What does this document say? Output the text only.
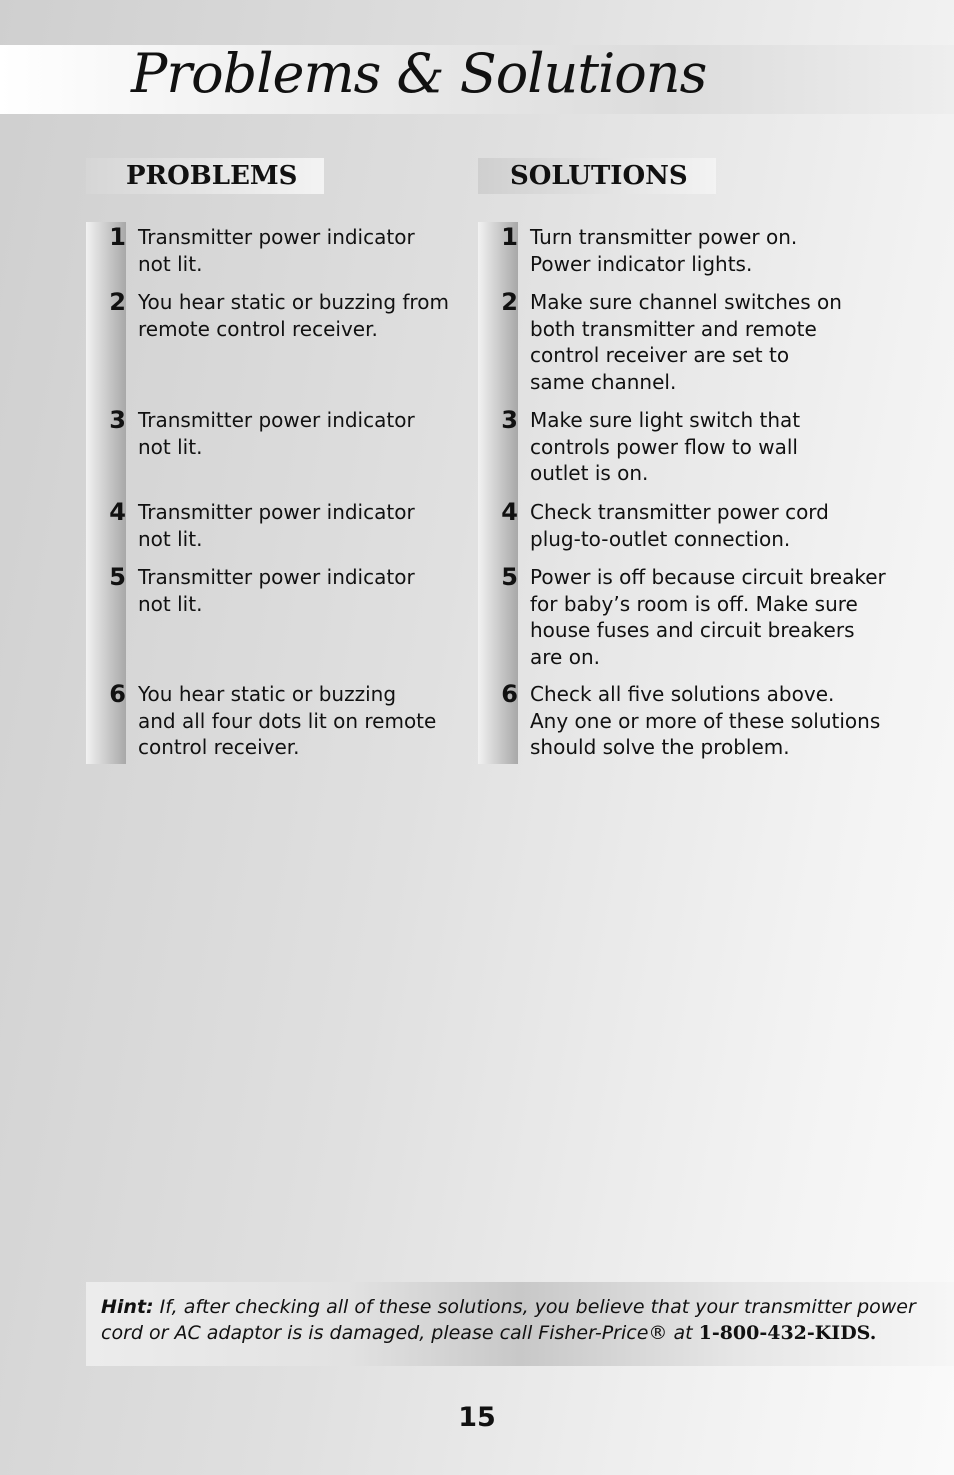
Problems & Solutions
PROBLEMS	SOLUTIONS
1 Transmitter power indicator
not lit.
2 You hear static or buzzing from
remote control receiver.
3 Transmitter power indicator
not lit.
4 Transmitter power indicator
not lit.
5 Transmitter power indicator
not lit.
6 You hear static or buzzing
and all four dots lit on remote
control receiver.
1 Turn transmitter power on.
Power indicator lights.
2 Make sure channel switches on
both transmitter and remote
control receiver are set to
same channel.
3 Make sure light switch that
controls power flow to wall
outlet is on.
4 Check transmitter power cord
plug-to-outlet connection.
5 Power is off because circuit breaker
for baby’s room is off. Make sure
house fuses and circuit breakers
are on.
6 Check all five solutions above.
Any one or more of these solutions
should solve the problem.
Hint: If, after checking all of these solutions, you believe that your transmitter power cord or AC adaptor is is damaged, please call Fisher-Price® at 1-800-432-KIDS.
15
